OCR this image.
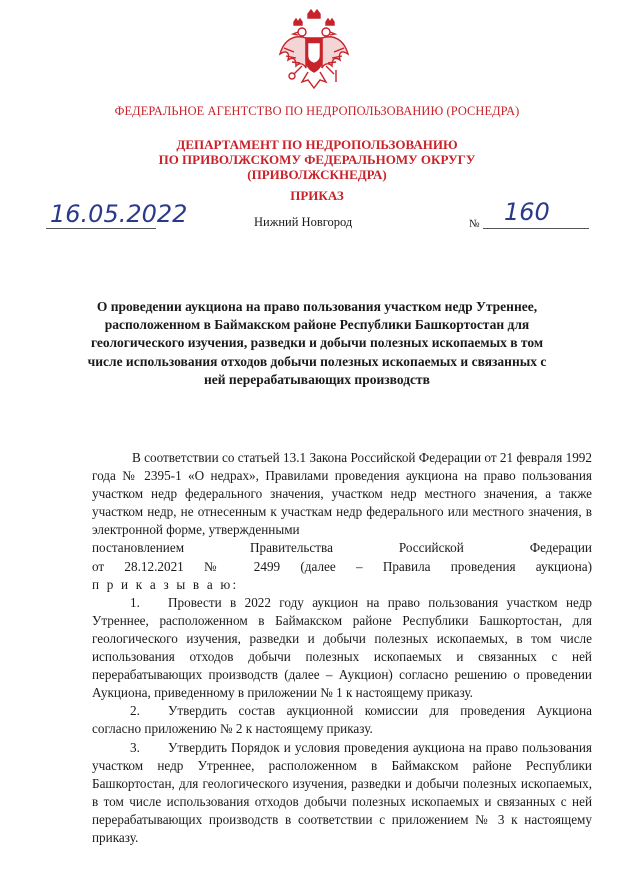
ФЕДЕРАЛЬНОЕ АГЕНТСТВО ПО НЕДРОПОЛЬЗОВАНИЮ (РОСНЕДРА)
ДЕПАРТАМЕНТ ПО НЕДРОПОЛЬЗОВАНИЮ
ПО ПРИВОЛЖСКОМУ ФЕДЕРАЛЬНОМУ ОКРУГУ
(ПРИВОЛЖСКНЕДРА)
ПРИКАЗ
16.05.2022	Нижний Новгород	№ 160
О проведении аукциона на право пользования участком недр Утреннее,
расположенном в Баймакском районе Республики Башкортостан для
геологического изучения, разведки и добычи полезных ископаемых в том
числе использования отходов добычи полезных ископаемых и связанных с
ней перерабатывающих производств

В соответствии со статьей 13.1 Закона Российской Федерации от 21 февраля 1992 года № 2395-1 «О недрах», Правилами проведения аукциона на право пользования участком недр федерального значения, участком недр местного значения, а также участком недр, не отнесенным к участкам недр федерального или местного значения, в электронной форме, утвержденными

постановлением Правительства Российской Федерации

от 28.12.2021 № 2499 (далее – Правила проведения аукциона)

п р и к а з ы в а ю:

1. Провести в 2022 году аукцион на право пользования участком недр Утреннее, расположенном в Баймакском районе Республики Башкортостан, для геологического изучения, разведки и добычи полезных ископаемых, в том числе использования отходов добычи полезных ископаемых и связанных с ней перерабатывающих производств (далее – Аукцион) согласно решению о проведении Аукциона, приведенному в приложении № 1 к настоящему приказу.

2. Утвердить состав аукционной комиссии для проведения Аукциона согласно приложению № 2 к настоящему приказу.

3. Утвердить Порядок и условия проведения аукциона на право пользования участком недр Утреннее, расположенном в Баймакском районе Республики Башкортостан, для геологического изучения, разведки и добычи полезных ископаемых, в том числе использования отходов добычи полезных ископаемых и связанных с ней перерабатывающих производств в соответствии с приложением № 3 к настоящему приказу.
